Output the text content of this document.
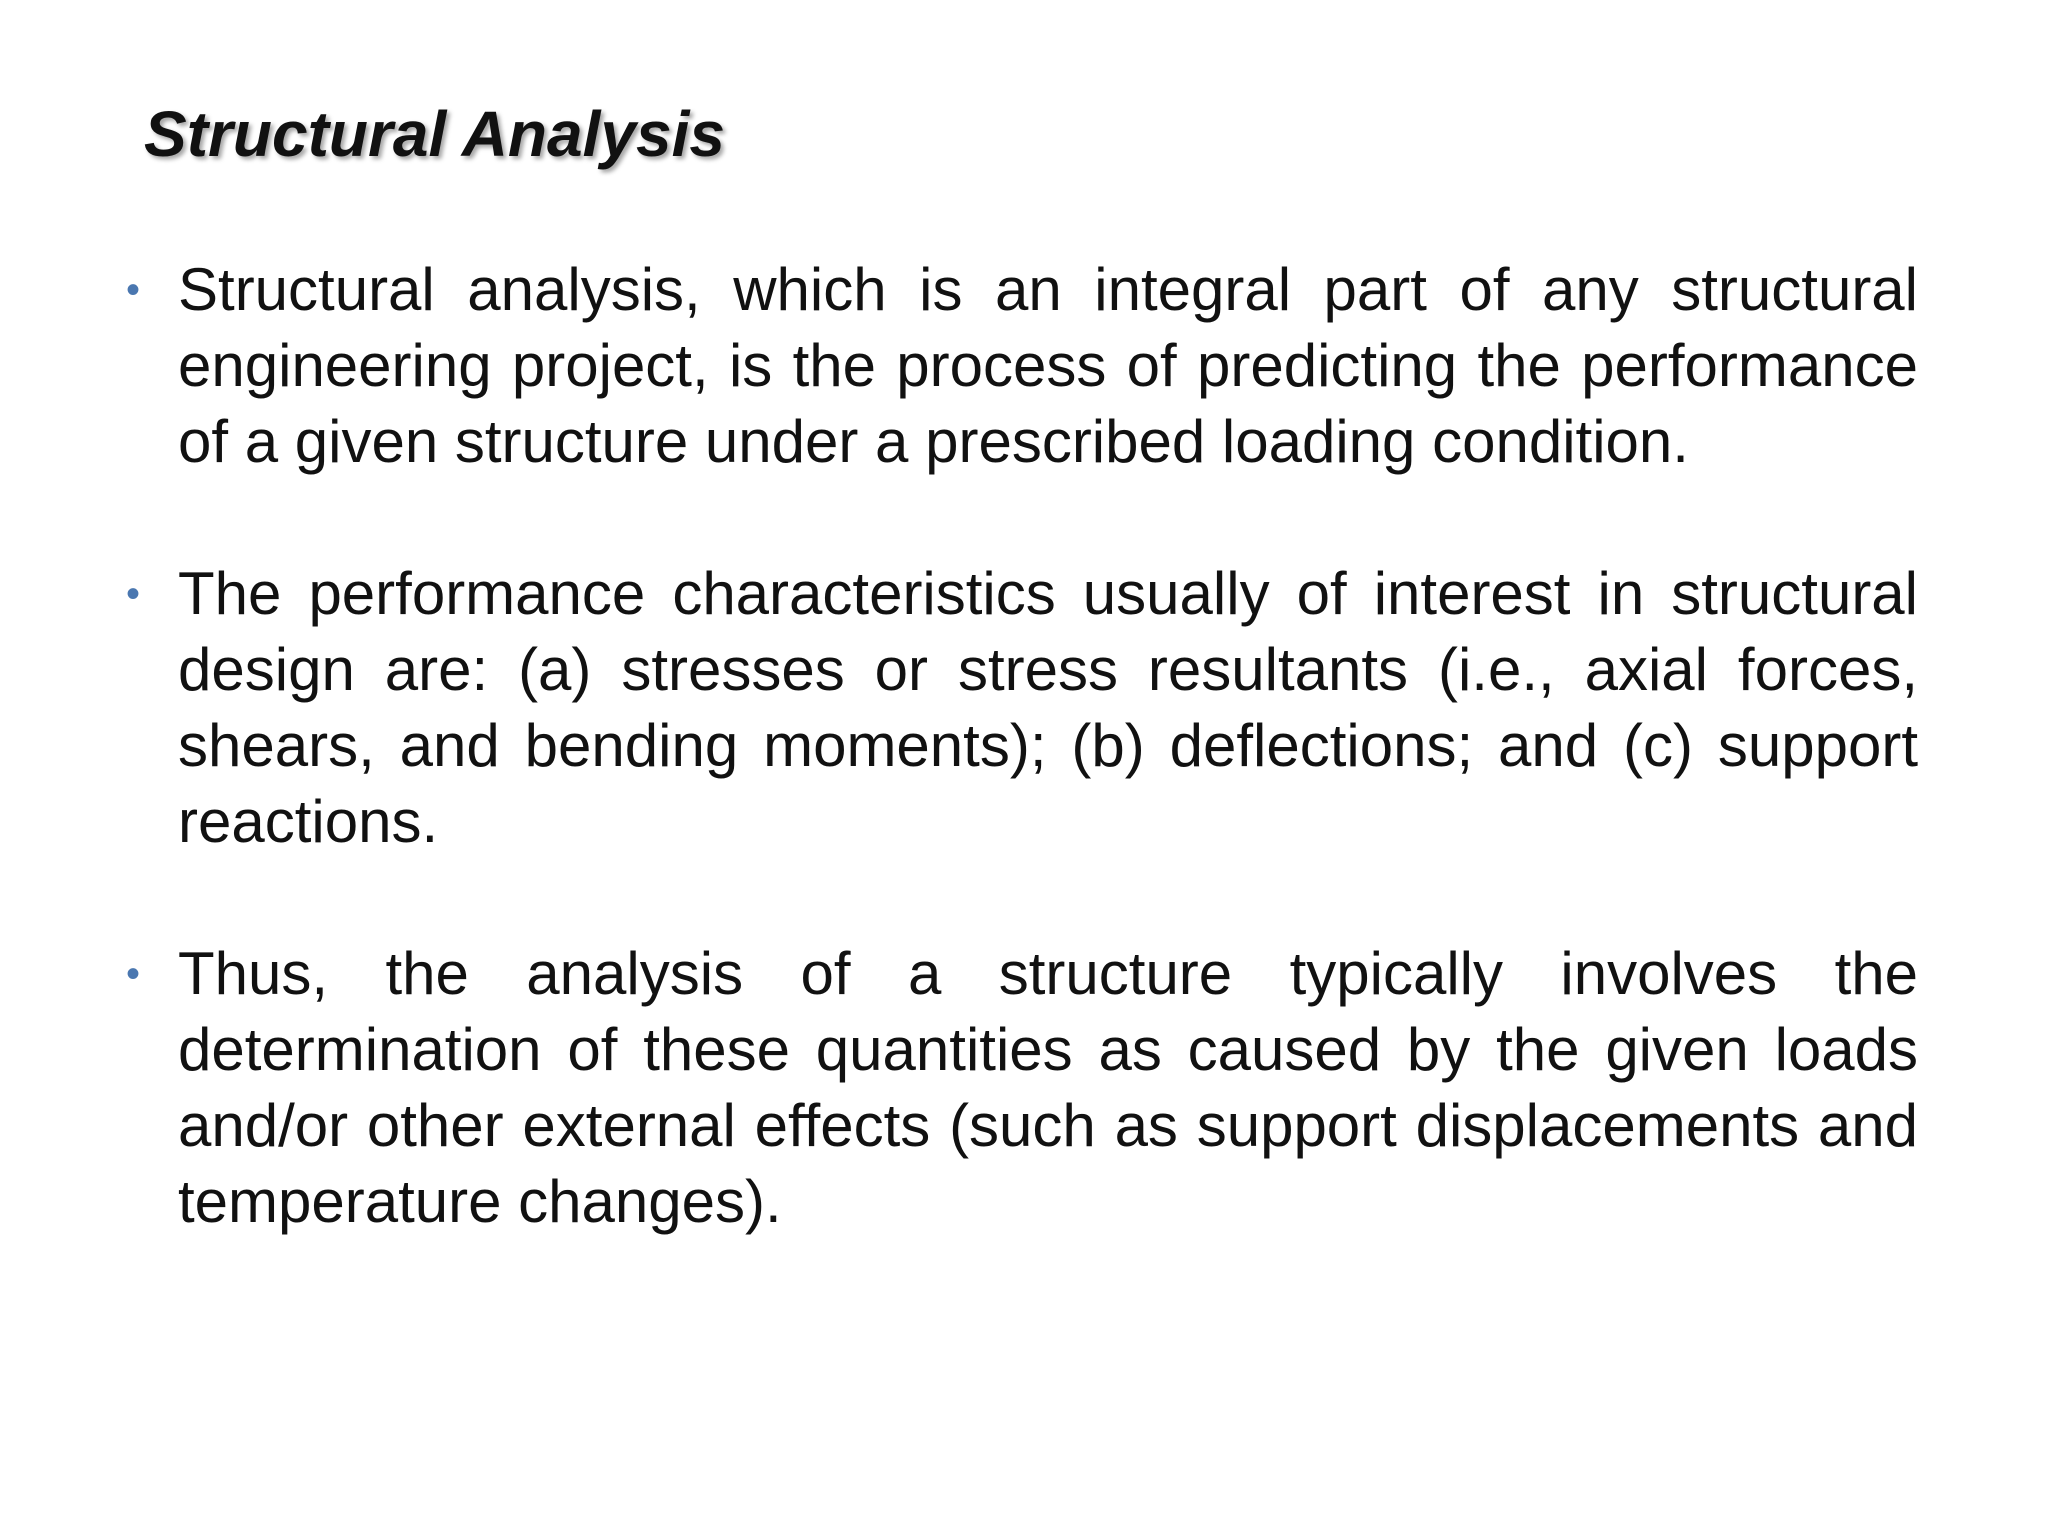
Structural Analysis
• Structural analysis, which is an integral part of any structural engineering project, is the process of predicting the performance of a given structure under a prescribed loading condition.

• The performance characteristics usually of interest in structural design are: (a) stresses or stress resultants (i.e., axial forces, shears, and bending moments); (b) deflections; and (c) support reactions.

• Thus, the analysis of a structure typically involves the determination of these quantities as caused by the given loads and/or other external effects (such as support displacements and temperature changes).
